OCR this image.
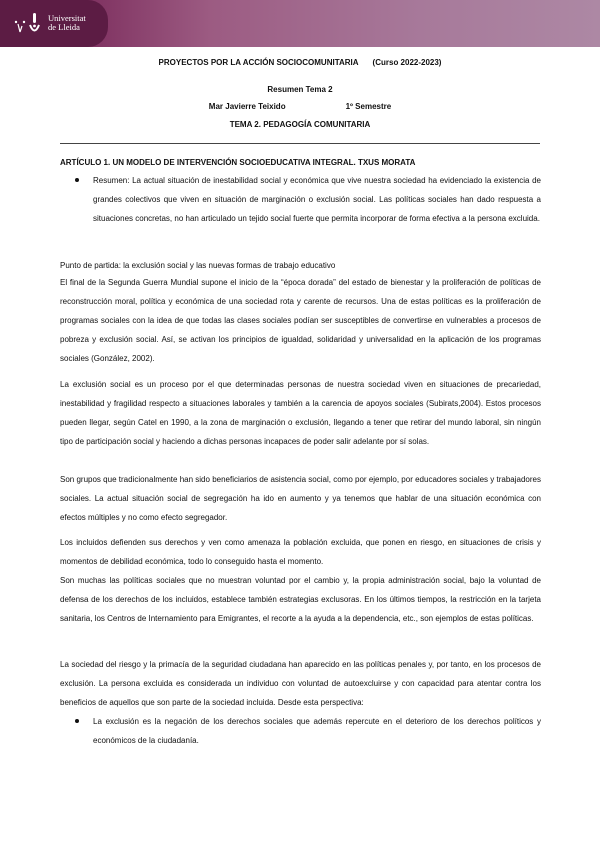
Universitat
de Lleida
PROYECTOS POR LA ACCIÓN SOCIOCOMUNITARIA (Curso 2022-2023)
Resumen Tema 2
Mar Javierre Teixido	1º Semestre
TEMA 2. PEDAGOGÍA COMUNITARIA

ARTÍCULO 1. UN MODELO DE INTERVENCIÓN SOCIOEDUCATIVA INTEGRAL. TXUS MORATA

Resumen: La actual situación de inestabilidad social y económica que vive nuestra sociedad ha evidenciado la existencia de grandes colectivos que viven en situación de marginación o exclusión social. Las políticas sociales han dado respuesta a situaciones concretas, no han articulado un tejido social fuerte que permita incorporar de forma efectiva a la persona excluida.

Punto de partida: la exclusión social y las nuevas formas de trabajo educativo

El final de la Segunda Guerra Mundial supone el inicio de la “época dorada” del estado de bienestar y la proliferación de políticas de reconstrucción moral, política y económica de una sociedad rota y carente de recursos. Una de estas políticas es la proliferación de programas sociales con la idea de que todas las clases sociales podían ser susceptibles de convertirse en vulnerables a procesos de pobreza y exclusión social. Así, se activan los principios de igualdad, solidaridad y universalidad en la aplicación de los programas sociales (González, 2002).

La exclusión social es un proceso por el que determinadas personas de nuestra sociedad viven en situaciones de precariedad, inestabilidad y fragilidad respecto a situaciones laborales y también a la carencia de apoyos sociales (Subirats,2004). Estos procesos pueden llegar, según Catel en 1990, a la zona de marginación o exclusión, llegando a tener que retirar del mundo laboral, sin ningún tipo de participación social y haciendo a dichas personas incapaces de poder salir adelante por sí solas.

Son grupos que tradicionalmente han sido beneficiarios de asistencia social, como por ejemplo, por educadores sociales y trabajadores sociales. La actual situación social de segregación ha ido en aumento y ya tenemos que hablar de una situación económica con efectos múltiples y no como efecto segregador.

Los incluidos defienden sus derechos y ven como amenaza la población excluida, que ponen en riesgo, en situaciones de crisis y momentos de debilidad económica, todo lo conseguido hasta el momento.

Son muchas las políticas sociales que no muestran voluntad por el cambio y, la propia administración social, bajo la voluntad de defensa de los derechos de los incluidos, establece también estrategias exclusoras. En los últimos tiempos, la restricción en la tarjeta sanitaria, los Centros de Internamiento para Emigrantes, el recorte a la ayuda a la dependencia, etc., son ejemplos de estas políticas.

La sociedad del riesgo y la primacía de la seguridad ciudadana han aparecido en las políticas penales y, por tanto, en los procesos de exclusión. La persona excluida es considerada un individuo con voluntad de autoexcluirse y con capacidad para atentar contra los beneficios de aquellos que son parte de la sociedad incluida. Desde esta perspectiva:

La exclusión es la negación de los derechos sociales que además repercute en el deterioro de los derechos políticos y económicos de la ciudadanía.
